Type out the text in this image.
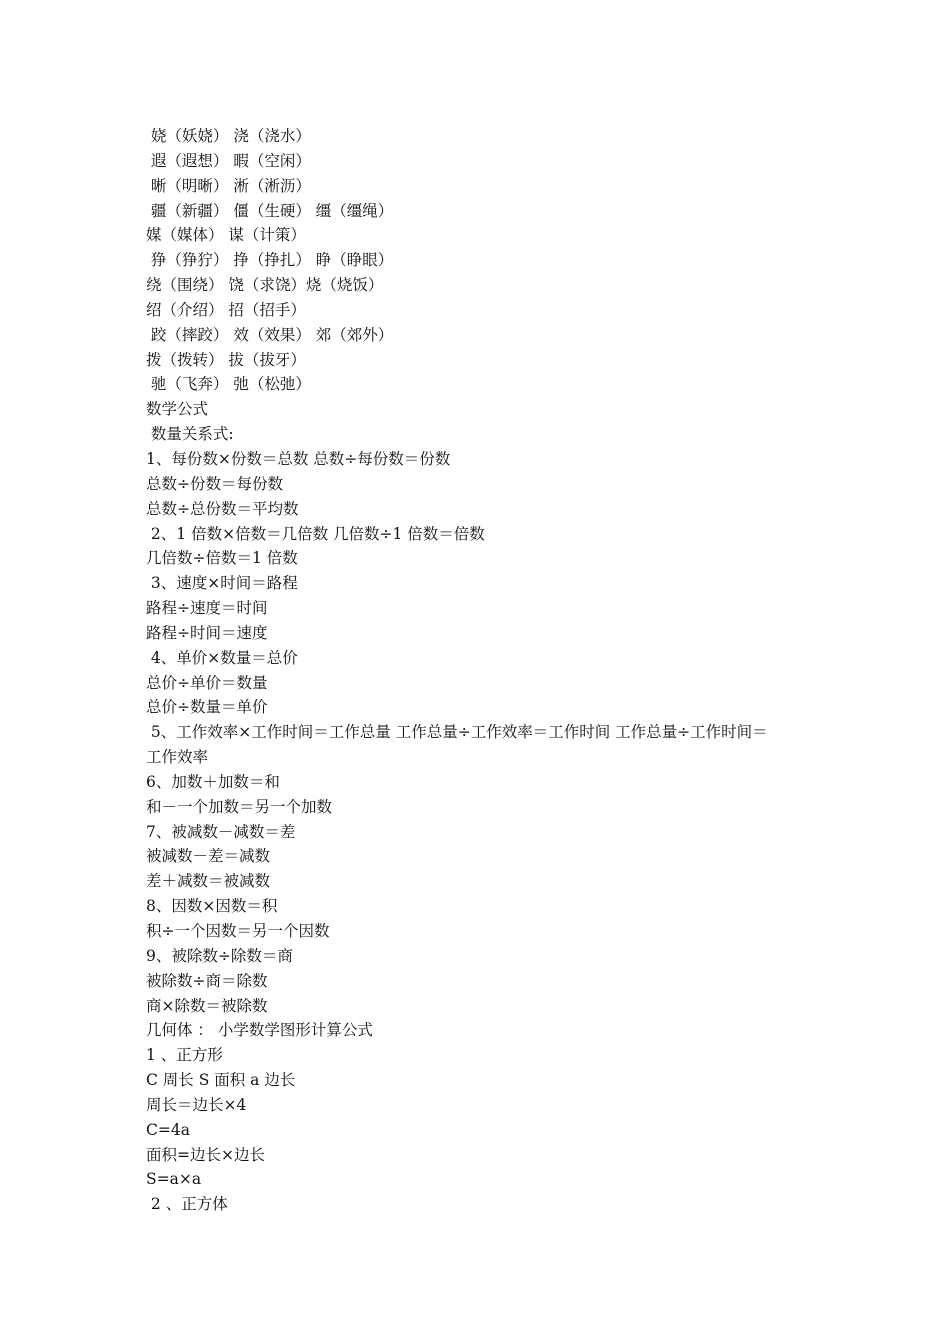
娆（妖娆） 浇（浇水）
遐（遐想） 暇（空闲）
晰（明晰） 淅（淅沥）
疆（新疆） 僵（生硬） 缰（缰绳）
媒（媒体） 谋（计策）
狰（狰狞） 挣（挣扎） 睁（睁眼）
绕（围绕） 饶（求饶）烧（烧饭）
绍（介绍） 招（招手）
跤（摔跤） 效（效果） 郊（郊外）
拨（拨转） 拔（拔牙）
驰（飞奔） 弛（松弛）
数学公式
数量关系式:
1、每份数×份数＝总数 总数÷每份数＝份数
总数÷份数＝每份数
总数÷总份数＝平均数
2、1 倍数×倍数＝几倍数 几倍数÷1 倍数＝倍数
几倍数÷倍数＝1 倍数
3、速度×时间＝路程
路程÷速度＝时间
路程÷时间＝速度
4、单价×数量＝总价
总价÷单价＝数量
总价÷数量＝单价
5、工作效率×工作时间＝工作总量 工作总量÷工作效率＝工作时间 工作总量÷工作时间＝
工作效率
6、加数＋加数＝和
和－一个加数＝另一个加数
7、被减数－减数＝差
被减数－差＝减数
差＋减数＝被减数
8、因数×因数＝积
积÷一个因数＝另一个因数
9、被除数÷除数＝商
被除数÷商＝除数
商×除数＝被除数
几何体 ： 小学数学图形计算公式
1 、正方形
C 周长 S 面积 a 边长
周长＝边长×4
C=4a
面积=边长×边长
S=a×a
2 、正方体
